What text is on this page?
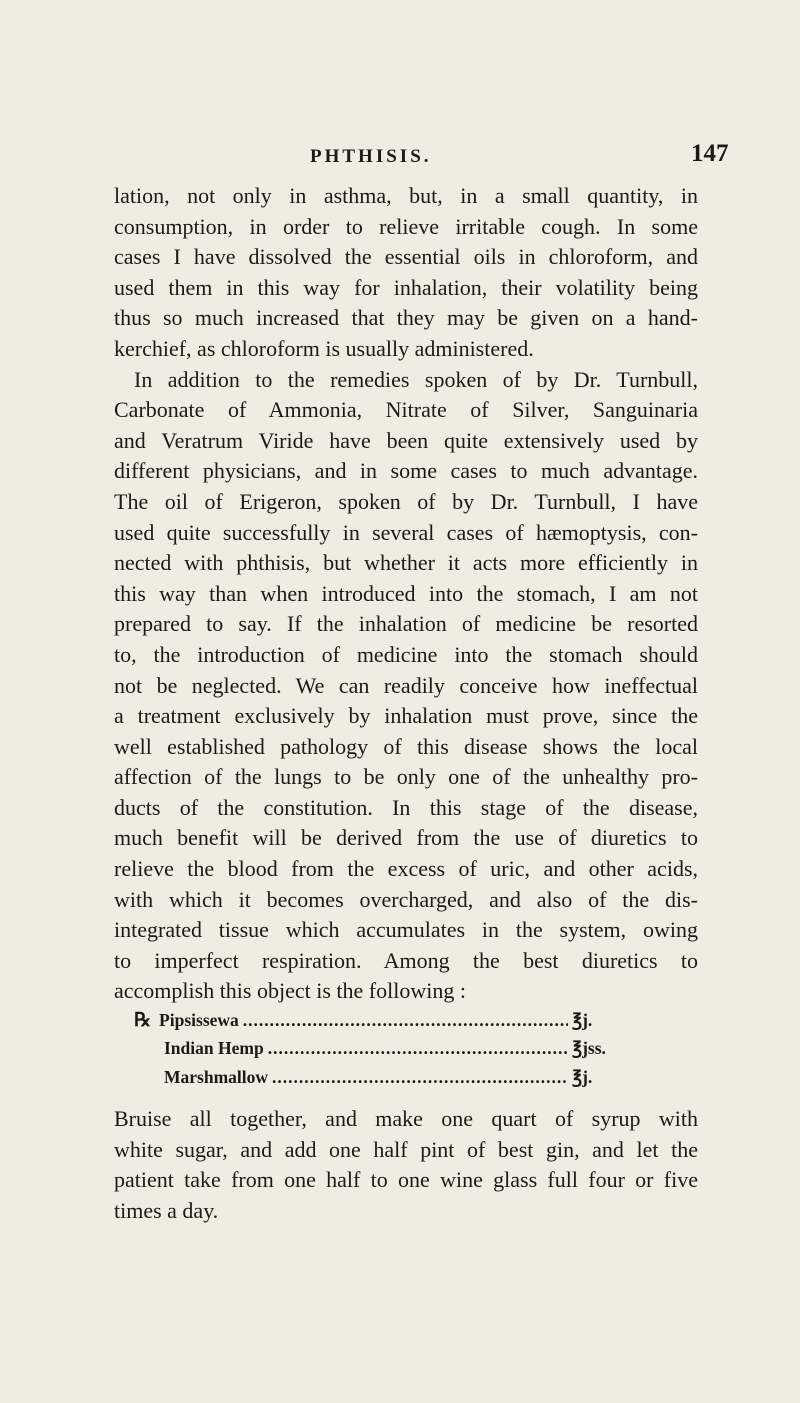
PHTHISIS.	147
lation, not only in asthma, but, in a small quantity, in
consumption, in order to relieve irritable cough. In some
cases I have dissolved the essential oils in chloroform, and
used them in this way for inhalation, their volatility being
thus so much increased that they may be given on a hand-
kerchief, as chloroform is usually administered.
In addition to the remedies spoken of by Dr. Turnbull,
Carbonate of Ammonia, Nitrate of Silver, Sanguinaria
and Veratrum Viride have been quite extensively used by
different physicians, and in some cases to much advantage.
The oil of Erigeron, spoken of by Dr. Turnbull, I have
used quite successfully in several cases of hæmoptysis, con-
nected with phthisis, but whether it acts more efficiently in
this way than when introduced into the stomach, I am not
prepared to say. If the inhalation of medicine be resorted
to, the introduction of medicine into the stomach should
not be neglected. We can readily conceive how ineffectual
a treatment exclusively by inhalation must prove, since the
well established pathology of this disease shows the local
affection of the lungs to be only one of the unhealthy pro-
ducts of the constitution. In this stage of the disease,
much benefit will be derived from the use of diuretics to
relieve the blood from the excess of uric, and other acids,
with which it becomes overcharged, and also of the dis-
integrated tissue which accumulates in the system, owing
to imperfect respiration. Among the best diuretics to
accomplish this object is the following :
℞ Pipsissewa .....	℥j.
Indian Hemp .....	℥jss.
Marshmallow .....	℥j.
Bruise all together, and make one quart of syrup with
white sugar, and add one half pint of best gin, and let the
patient take from one half to one wine glass full four or five
times a day.
